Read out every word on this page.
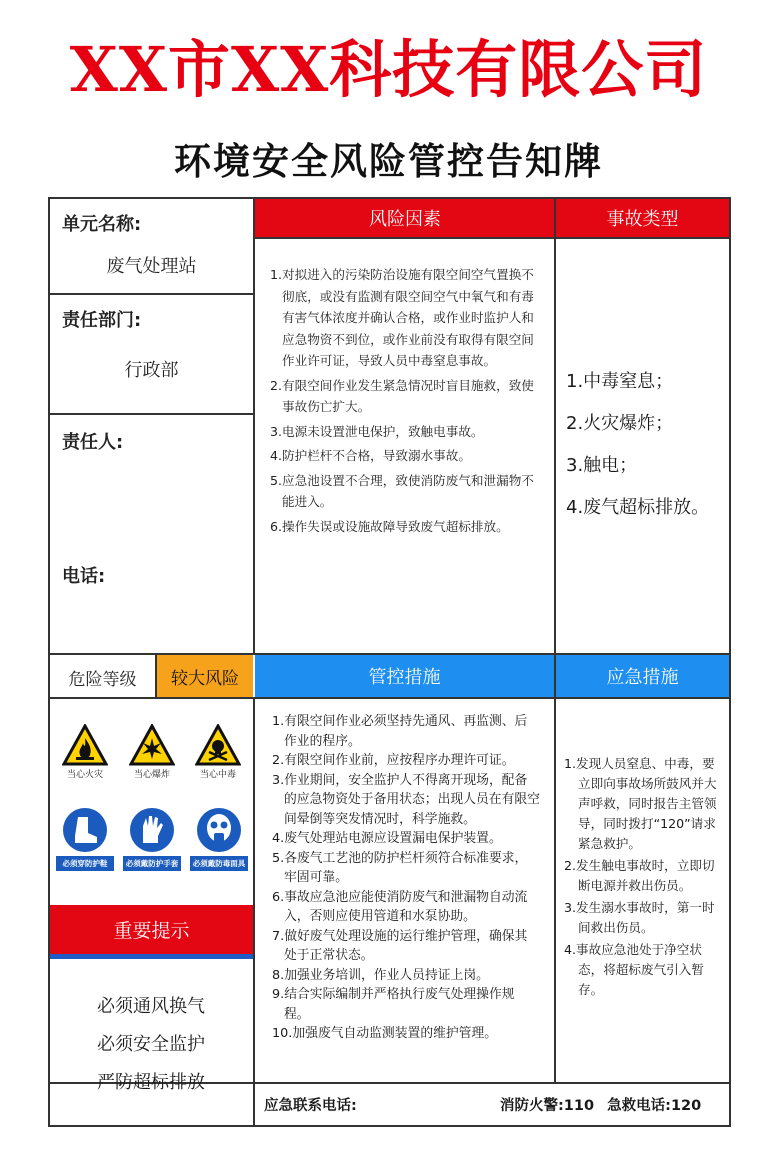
XX市XX科技有限公司
环境安全风险管控告知牌
风险因素	事故类型
单元名称:
废气处理站
责任部门:
行政部
责任人:
电话:
1.对拟进入的污染防治设施有限空间空气置换不彻底，或没有监测有限空间空气中氧气和有毒有害气体浓度并确认合格，或作业时监护人和应急物资不到位，或作业前没有取得有限空间作业许可证，导致人员中毒窒息事故。
2.有限空间作业发生紧急情况时盲目施救，致使事故伤亡扩大。
3.电源未设置泄电保护，致触电事故。
4.防护栏杆不合格，导致溺水事故。
5.应急池设置不合理，致使消防废气和泄漏物不能进入。
6.操作失误或设施故障导致废气超标排放。
1.中毒窒息；
2.火灾爆炸；
3.触电；
4.废气超标排放。
危险等级	较大风险	管控措施	应急措施
1.有限空间作业必须坚持先通风、再监测、后作业的程序。
2.有限空间作业前，应按程序办理许可证。
3.作业期间，安全监护人不得离开现场，配备的应急物资处于备用状态；出现人员在有限空间晕倒等突发情况时，科学施救。
4.废气处理站电源应设置漏电保护装置。
5.各废气工艺池的防护栏杆须符合标准要求，牢固可靠。
6.事故应急池应能使消防废气和泄漏物自动流入，否则应使用管道和水泵协助。
7.做好废气处理设施的运行维护管理，确保其处于正常状态。
8.加强业务培训，作业人员持证上岗。
9.结合实际编制并严格执行废气处理操作规程。
10.加强废气自动监测装置的维护管理。
1.发现人员窒息、中毒，要立即向事故场所鼓风并大声呼救，同时报告主管领导，同时拨打“120”请求紧急救护。
2.发生触电事故时，立即切断电源并救出伤员。
3.发生溺水事故时，第一时间救出伤员。
4.事故应急池处于净空状态，将超标废气引入暂存。
当心火灾	当心爆炸	当心中毒
必须穿防护鞋	必须戴防护手套	必须戴防毒面具
重要提示
必须通风换气
必须安全监护
严防超标排放
应急联系电话:	消防火警:110 急救电话:120
